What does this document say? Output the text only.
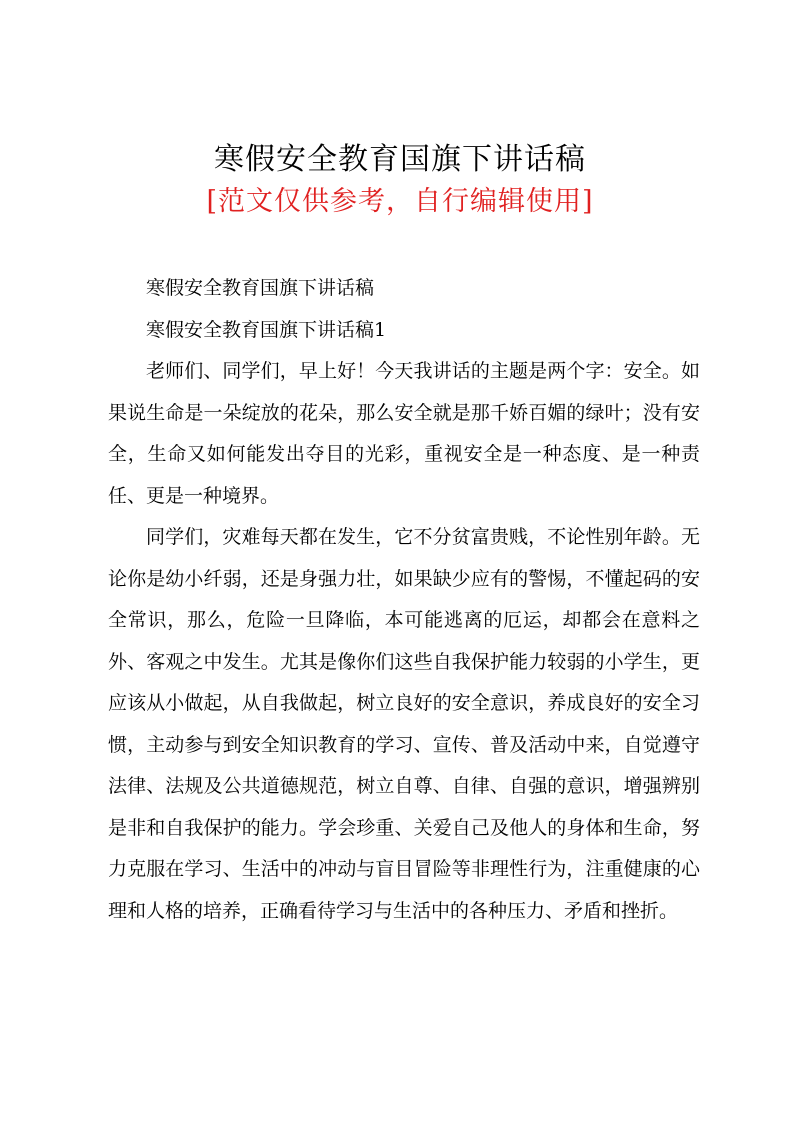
寒假安全教育国旗下讲话稿
[范文仅供参考，自行编辑使用]

寒假安全教育国旗下讲话稿

寒假安全教育国旗下讲话稿1

老师们、同学们，早上好！今天我讲话的主题是两个字：安全。如果说生命是一朵绽放的花朵，那么安全就是那千娇百媚的绿叶；没有安全，生命又如何能发出夺目的光彩，重视安全是一种态度、是一种责任、更是一种境界。

同学们，灾难每天都在发生，它不分贫富贵贱，不论性别年龄。无论你是幼小纤弱，还是身强力壮，如果缺少应有的警惕，不懂起码的安全常识，那么，危险一旦降临，本可能逃离的厄运，却都会在意料之外、客观之中发生。尤其是像你们这些自我保护能力较弱的小学生，更应该从小做起，从自我做起，树立良好的安全意识，养成良好的安全习惯，主动参与到安全知识教育的学习、宣传、普及活动中来，自觉遵守法律、法规及公共道德规范，树立自尊、自律、自强的意识，增强辨别是非和自我保护的能力。学会珍重、关爱自己及他人的身体和生命，努力克服在学习、生活中的冲动与盲目冒险等非理性行为，注重健康的心理和人格的培养，正确看待学习与生活中的各种压力、矛盾和挫折。
